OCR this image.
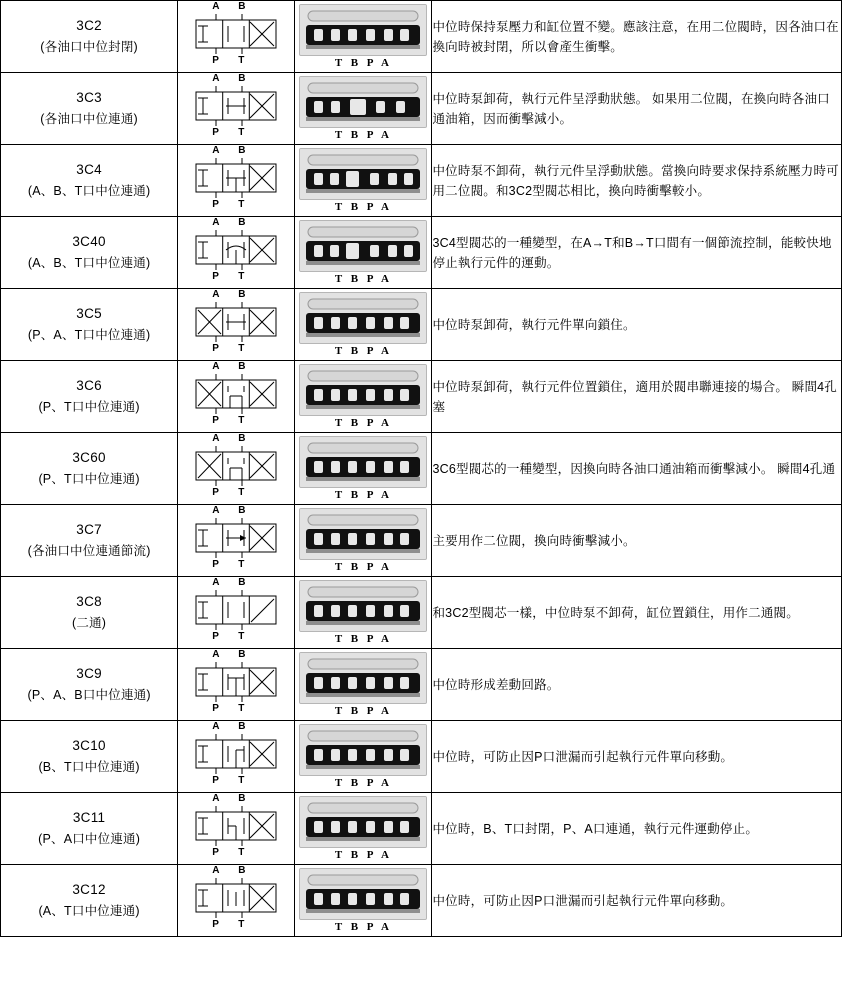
3C2
(各油口中位封閉)

A B
P T	T B P A

中位時保持泵壓力和缸位置不變。應該注意，在用二位閥時，因各油口在換向時被封閉，所以會產生衝擊。

3C3
(各油口中位連通)

A B
P T	T B P A

中位時泵卸荷，執行元件呈浮動狀態。 如果用二位閥，在換向時各油口通油箱，因而衝擊減小。

3C4
(A、B、T口中位連通)

A B
P T	T B P A

中位時泵不卸荷，執行元件呈浮動狀態。當換向時要求保持系統壓力時可用二位閥。和3C2型閥芯相比，換向時衝擊較小。

3C40
(A、B、T口中位連通)

A B
P T	T B P A

3C4型閥芯的一種變型，在A→T和B→T口間有一個節流控制，能較快地停止執行元件的運動。

3C5
(P、A、T口中位連通)

A B
P T	T B P A

中位時泵卸荷，執行元件單向鎖住。

3C6
(P、T口中位連通)

A B
P T	T B P A

中位時泵卸荷，執行元件位置鎖住，適用於閥串聯連接的場合。 瞬間4孔塞

3C60
(P、T口中位連通)

A B
P T	T B P A

3C6型閥芯的一種變型，因換向時各油口通油箱而衝擊減小。 瞬間4孔通

3C7
(各油口中位連通節流)

A B
P T	T B P A

主要用作二位閥，換向時衝擊減小。

3C8
(二通)

A B
P T	T B P A

和3C2型閥芯一樣，中位時泵不卸荷，缸位置鎖住，用作二通閥。

3C9
(P、A、B口中位連通)

A B
P T	T B P A

中位時形成差動回路。

3C10
(B、T口中位連通)

A B
P T	T B P A

中位時，可防止因P口泄漏而引起執行元件單向移動。

3C11
(P、A口中位連通)

A B
P T	T B P A

中位時，B、T口封閉，P、A口連通，執行元件運動停止。

3C12
(A、T口中位連通)

A B
P T	T B P A

中位時，可防止因P口泄漏而引起執行元件單向移動。
